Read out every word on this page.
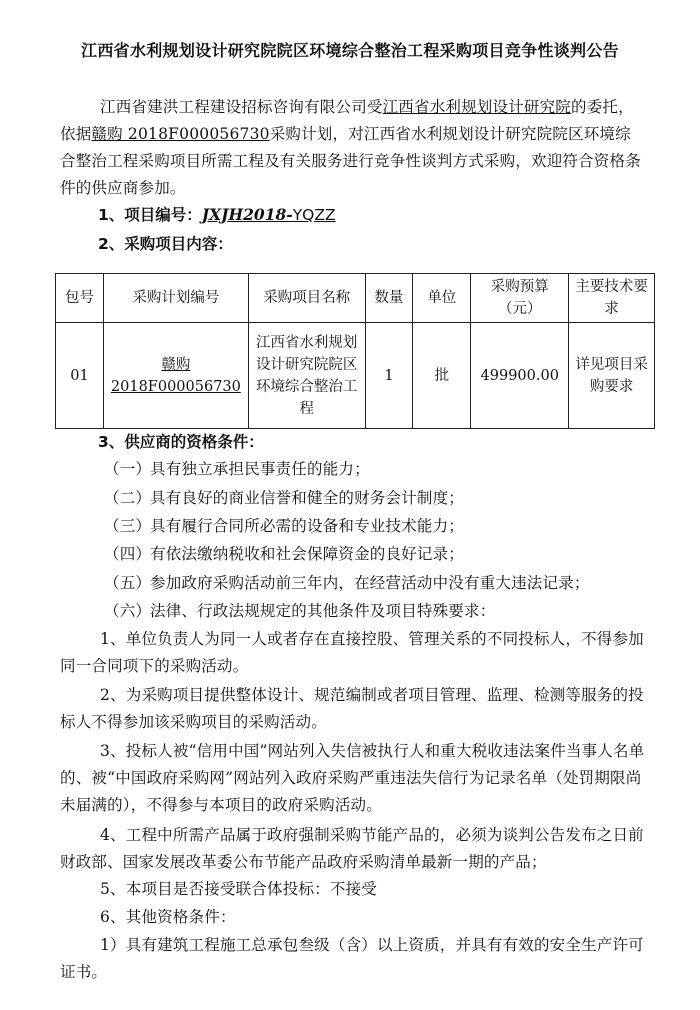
江西省水利规划设计研究院院区环境综合整治工程采购项目竞争性谈判公告
江西省建洪工程建设招标咨询有限公司受江西省水利规划设计研究院的委托，依据赣购 2018F000056730采购计划，对江西省水利规划设计研究院院区环境综合整治工程采购项目所需工程及有关服务进行竞争性谈判方式采购，欢迎符合资格条件的供应商参加。
1、项目编号：JXJH2018-YQZZ
2、采购项目内容：
包号	采购计划编号	采购项目名称	数量	单位	采购预算（元）	主要技术要求
01	赣购2018F000056730	江西省水利规划设计研究院院区环境综合整治工程	1	批	499900.00	详见项目采购要求
3、供应商的资格条件：
（一）具有独立承担民事责任的能力；
（二）具有良好的商业信誉和健全的财务会计制度；
（三）具有履行合同所必需的设备和专业技术能力；
（四）有依法缴纳税收和社会保障资金的良好记录；
（五）参加政府采购活动前三年内，在经营活动中没有重大违法记录；
（六）法律、行政法规规定的其他条件及项目特殊要求：
1、单位负责人为同一人或者存在直接控股、管理关系的不同投标人，不得参加同一合同项下的采购活动。
2、为采购项目提供整体设计、规范编制或者项目管理、监理、检测等服务的投标人不得参加该采购项目的采购活动。
3、投标人被“信用中国”网站列入失信被执行人和重大税收违法案件当事人名单的、被“中国政府采购网”网站列入政府采购严重违法失信行为记录名单（处罚期限尚未届满的），不得参与本项目的政府采购活动。
4、工程中所需产品属于政府强制采购节能产品的，必须为谈判公告发布之日前财政部、国家发展改革委公布节能产品政府采购清单最新一期的产品；
5、本项目是否接受联合体投标：不接受
6、其他资格条件：
1）具有建筑工程施工总承包叁级（含）以上资质，并具有有效的安全生产许可证书。
